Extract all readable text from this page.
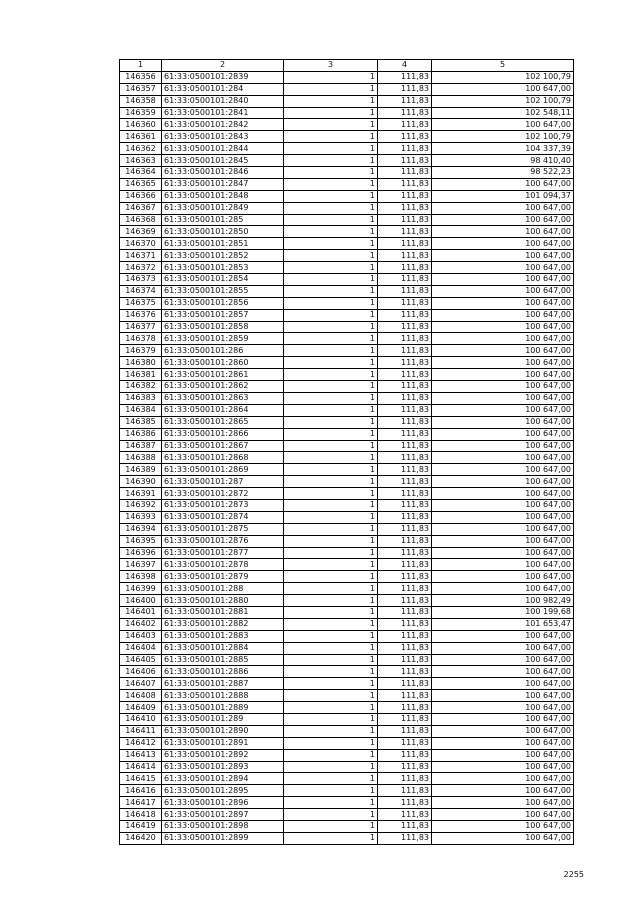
1	2	3	4	5
146356	61:33:0500101:2839	1	111,83	102 100,79
146357	61:33:0500101:284	1	111,83	100 647,00
146358	61:33:0500101:2840	1	111,83	102 100,79
146359	61:33:0500101:2841	1	111,83	102 548,11
146360	61:33:0500101:2842	1	111,83	100 647,00
146361	61:33:0500101:2843	1	111,83	102 100,79
146362	61:33:0500101:2844	1	111,83	104 337,39
146363	61:33:0500101:2845	1	111,83	98 410,40
146364	61:33:0500101:2846	1	111,83	98 522,23
146365	61:33:0500101:2847	1	111,83	100 647,00
146366	61:33:0500101:2848	1	111,83	101 094,37
146367	61:33:0500101:2849	1	111,83	100 647,00
146368	61:33:0500101:285	1	111,83	100 647,00
146369	61:33:0500101:2850	1	111,83	100 647,00
146370	61:33:0500101:2851	1	111,83	100 647,00
146371	61:33:0500101:2852	1	111,83	100 647,00
146372	61:33:0500101:2853	1	111,83	100 647,00
146373	61:33:0500101:2854	1	111,83	100 647,00
146374	61:33:0500101:2855	1	111,83	100 647,00
146375	61:33:0500101:2856	1	111,83	100 647,00
146376	61:33:0500101:2857	1	111,83	100 647,00
146377	61:33:0500101:2858	1	111,83	100 647,00
146378	61:33:0500101:2859	1	111,83	100 647,00
146379	61:33:0500101:286	1	111,83	100 647,00
146380	61:33:0500101:2860	1	111,83	100 647,00
146381	61:33:0500101:2861	1	111,83	100 647,00
146382	61:33:0500101:2862	1	111,83	100 647,00
146383	61:33:0500101:2863	1	111,83	100 647,00
146384	61:33:0500101:2864	1	111,83	100 647,00
146385	61:33:0500101:2865	1	111,83	100 647,00
146386	61:33:0500101:2866	1	111,83	100 647,00
146387	61:33:0500101:2867	1	111,83	100 647,00
146388	61:33:0500101:2868	1	111,83	100 647,00
146389	61:33:0500101:2869	1	111,83	100 647,00
146390	61:33:0500101:287	1	111,83	100 647,00
146391	61:33:0500101:2872	1	111,83	100 647,00
146392	61:33:0500101:2873	1	111,83	100 647,00
146393	61:33:0500101:2874	1	111,83	100 647,00
146394	61:33:0500101:2875	1	111,83	100 647,00
146395	61:33:0500101:2876	1	111,83	100 647,00
146396	61:33:0500101:2877	1	111,83	100 647,00
146397	61:33:0500101:2878	1	111,83	100 647,00
146398	61:33:0500101:2879	1	111,83	100 647,00
146399	61:33:0500101:288	1	111,83	100 647,00
146400	61:33:0500101:2880	1	111,83	100 982,49
146401	61:33:0500101:2881	1	111,83	100 199,68
146402	61:33:0500101:2882	1	111,83	101 653,47
146403	61:33:0500101:2883	1	111,83	100 647,00
146404	61:33:0500101:2884	1	111,83	100 647,00
146405	61:33:0500101:2885	1	111,83	100 647,00
146406	61:33:0500101:2886	1	111,83	100 647,00
146407	61:33:0500101:2887	1	111,83	100 647,00
146408	61:33:0500101:2888	1	111,83	100 647,00
146409	61:33:0500101:2889	1	111,83	100 647,00
146410	61:33:0500101:289	1	111,83	100 647,00
146411	61:33:0500101:2890	1	111,83	100 647,00
146412	61:33:0500101:2891	1	111,83	100 647,00
146413	61:33:0500101:2892	1	111,83	100 647,00
146414	61:33:0500101:2893	1	111,83	100 647,00
146415	61:33:0500101:2894	1	111,83	100 647,00
146416	61:33:0500101:2895	1	111,83	100 647,00
146417	61:33:0500101:2896	1	111,83	100 647,00
146418	61:33:0500101:2897	1	111,83	100 647,00
146419	61:33:0500101:2898	1	111,83	100 647,00
146420	61:33:0500101:2899	1	111,83	100 647,00
2255
